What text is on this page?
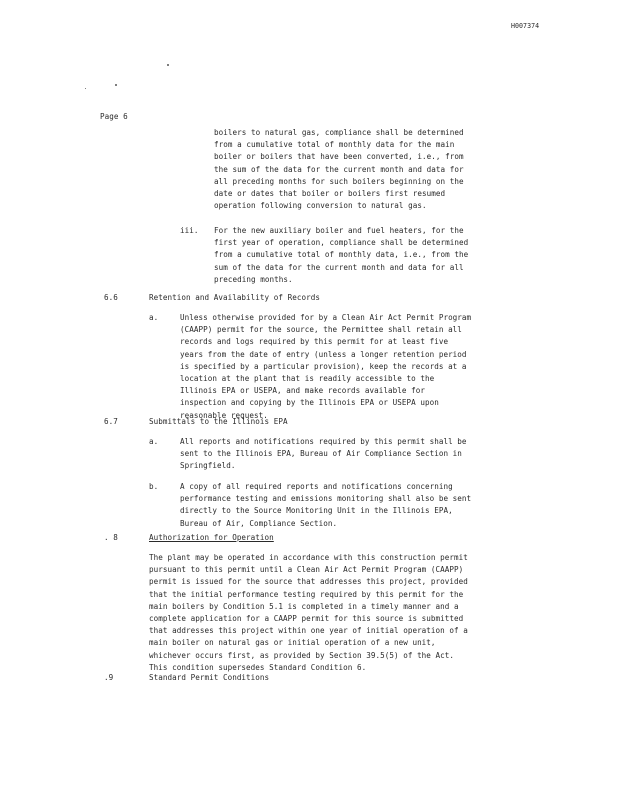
H007374
Page 6
boilers to natural gas, compliance shall be determined
from a cumulative total of monthly data for the main
boiler or boilers that have been converted, i.e., from
the sum of the data for the current month and data for
all preceding months for such boilers beginning on the
date or dates that boiler or boilers first resumed
operation following conversion to natural gas.
iii. For the new auxiliary boiler and fuel heaters, for the
first year of operation, compliance shall be determined
from a cumulative total of monthly data, i.e., from the
sum of the data for the current month and data for all
preceding months.
6.6	Retention and Availability of Records
a.	Unless otherwise provided for by a Clean Air Act Permit Program
(CAAPP) permit for the source, the Permittee shall retain all
records and logs required by this permit for at least five
years from the date of entry (unless a longer retention period
is specified by a particular provision), keep the records at a
location at the plant that is readily accessible to the
Illinois EPA or USEPA, and make records available for
inspection and copying by the Illinois EPA or USEPA upon
reasonable request.
6.7	Submittals to the Illinois EPA
a.	All reports and notifications required by this permit shall be
sent to the Illinois EPA, Bureau of Air Compliance Section in
Springfield.
b.	A copy of all required reports and notifications concerning
performance testing and emissions monitoring shall also be sent
directly to the Source Monitoring Unit in the Illinois EPA,
Bureau of Air, Compliance Section.
. 8	Authorization for Operation
The plant may be operated in accordance with this construction permit
pursuant to this permit until a Clean Air Act Permit Program (CAAPP)
permit is issued for the source that addresses this project, provided
that the initial performance testing required by this permit for the
main boilers by Condition 5.1 is completed in a timely manner and a
complete application for a CAAPP permit for this source is submitted
that addresses this project within one year of initial operation of a
main boiler on natural gas or initial operation of a new unit,
whichever occurs first, as provided by Section 39.5(5) of the Act.
This condition supersedes Standard Condition 6.
.9	Standard Permit Conditions
